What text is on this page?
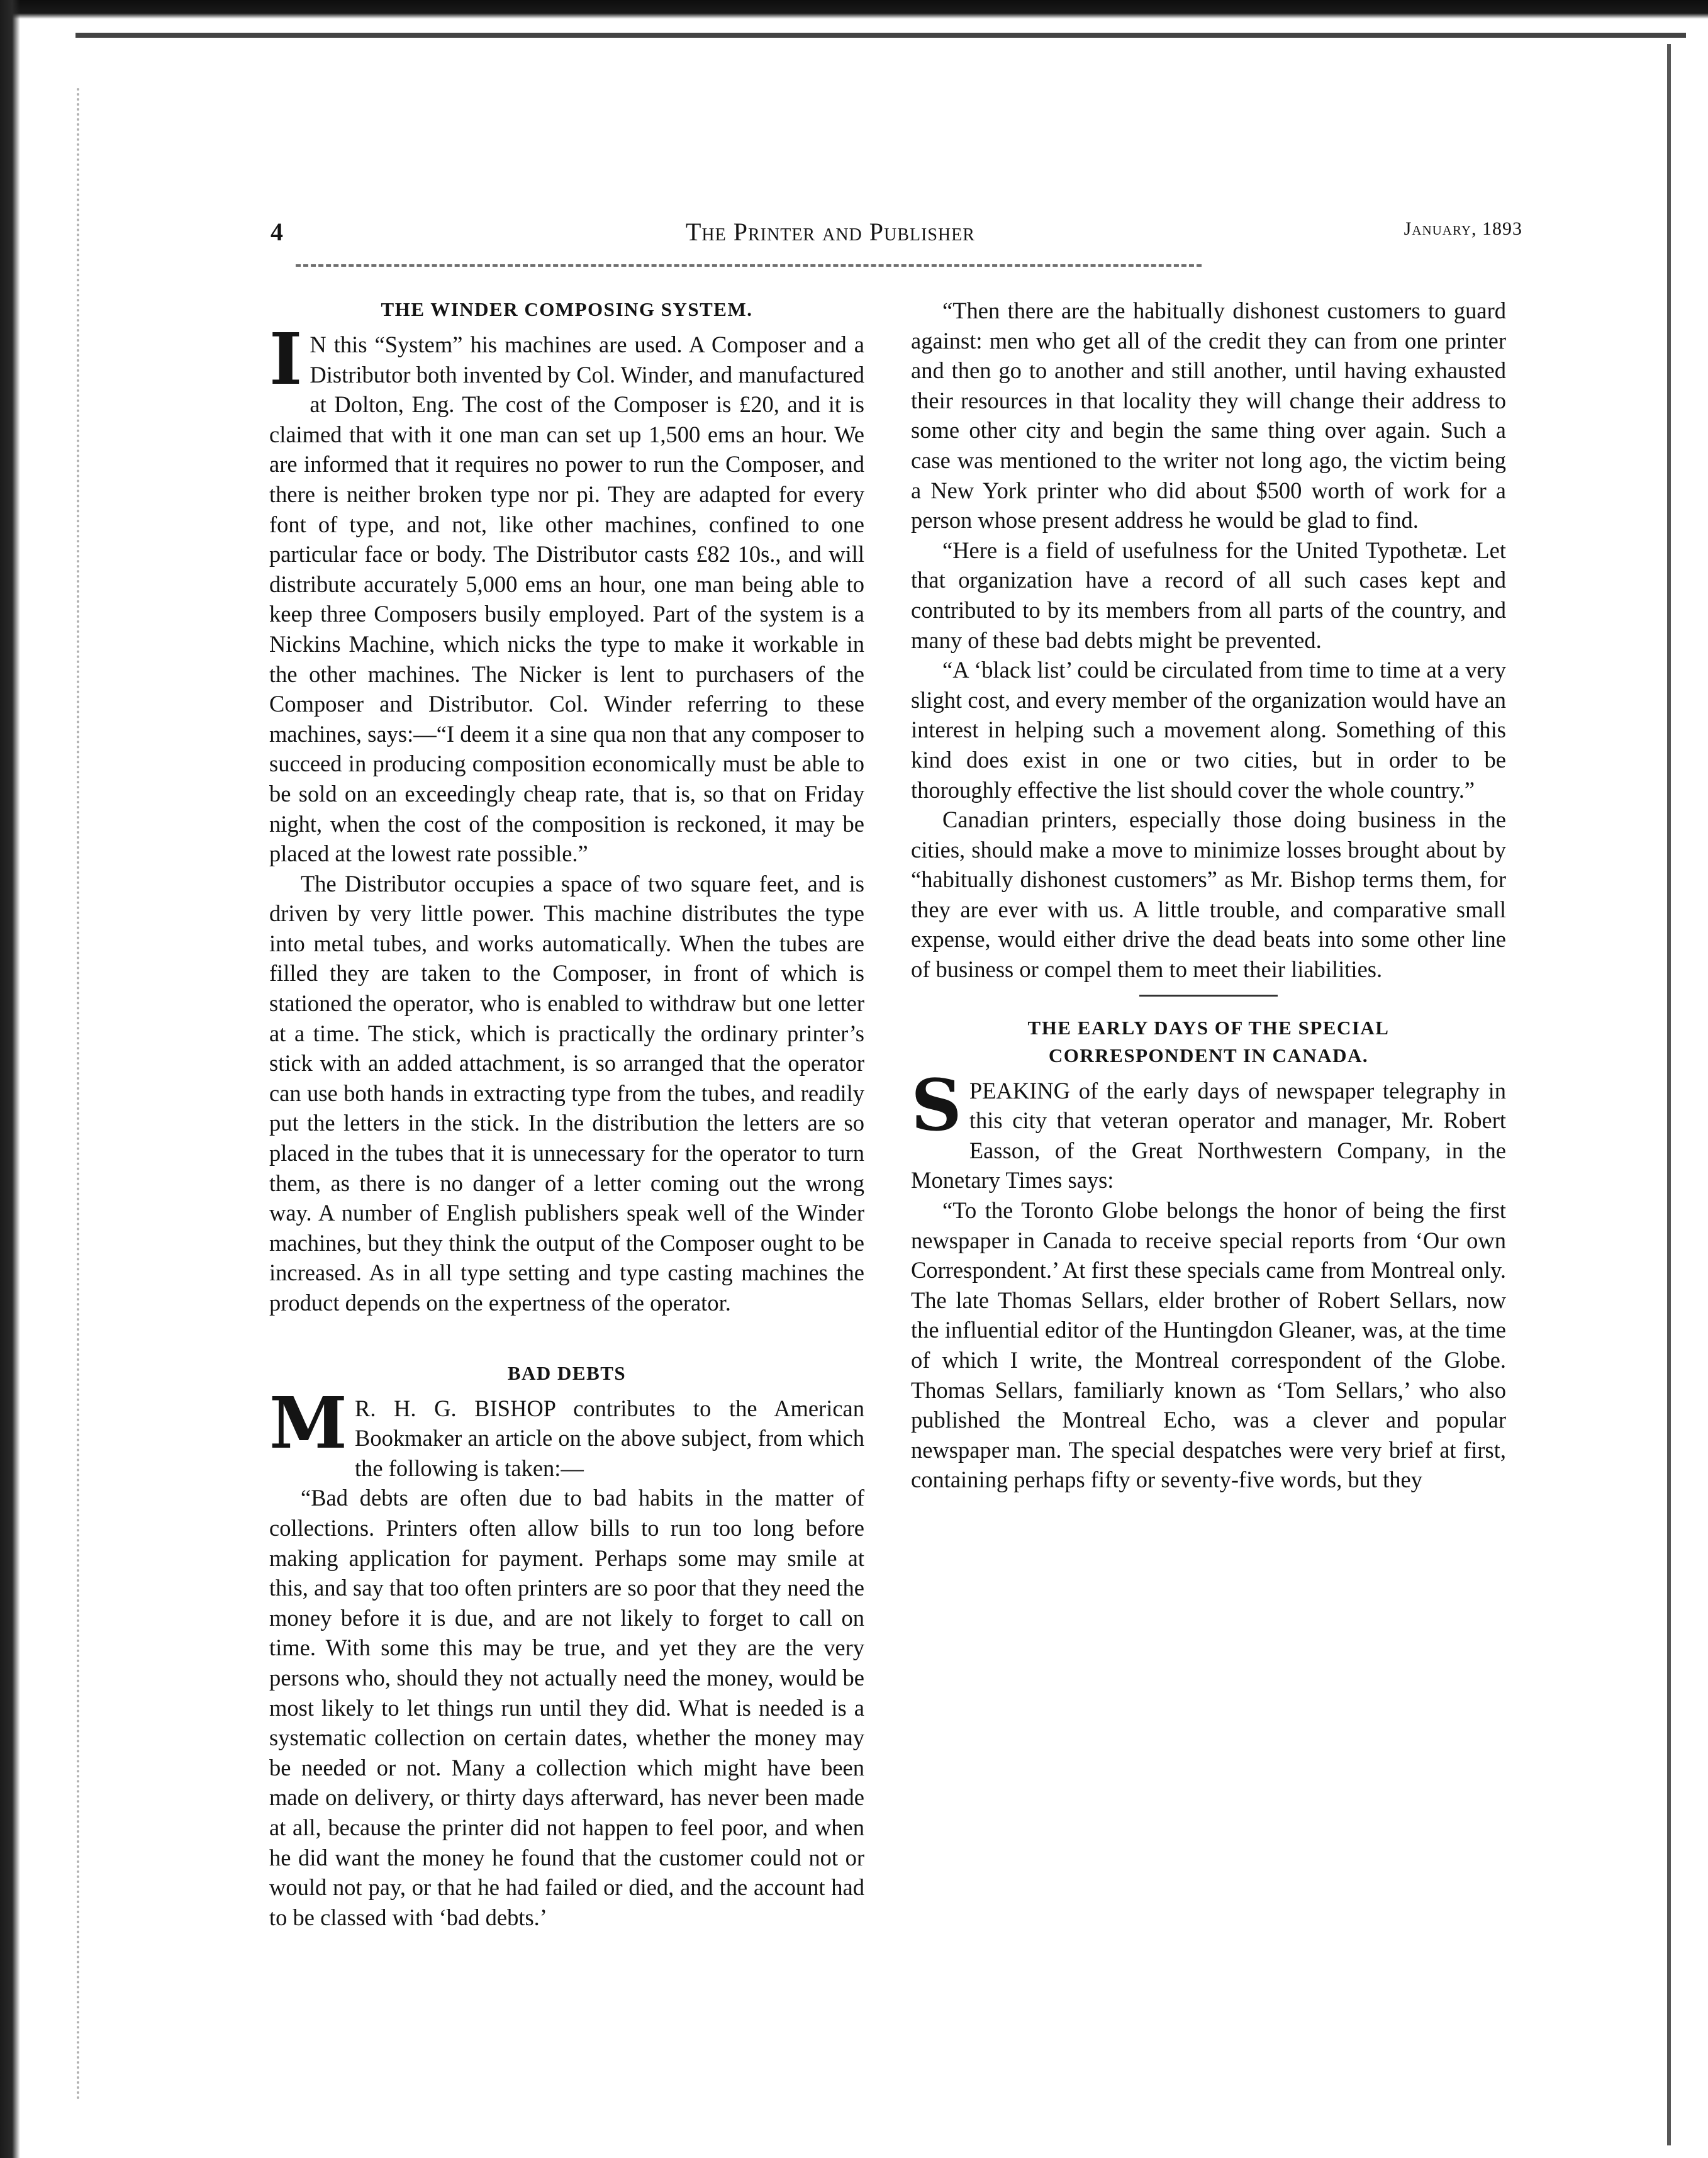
4	The Printer and Publisher	January, 1893
THE WINDER COMPOSING SYSTEM.

I N this “System” his machines are used. A Composer and a Distributor both invented by Col. Winder, and manufactured at Dolton, Eng. The cost of the Composer is £20, and it is claimed that with it one man can set up 1,500 ems an hour. We are informed that it requires no power to run the Composer, and there is neither broken type nor pi. They are adapted for every font of type, and not, like other machines, confined to one particular face or body. The Distributor casts £82 10s., and will distribute accurately 5,000 ems an hour, one man being able to keep three Composers busily employed. Part of the system is a Nickins Machine, which nicks the type to make it workable in the other machines. The Nicker is lent to purchasers of the Composer and Distributor. Col. Winder referring to these machines, says:—“I deem it a sine qua non that any composer to succeed in producing composition economically must be able to be sold on an exceedingly cheap rate, that is, so that on Friday night, when the cost of the composition is reckoned, it may be placed at the lowest rate possible.”

The Distributor occupies a space of two square feet, and is driven by very little power. This machine distributes the type into metal tubes, and works automatically. When the tubes are filled they are taken to the Composer, in front of which is stationed the operator, who is enabled to withdraw but one letter at a time. The stick, which is practically the ordinary printer’s stick with an added attachment, is so arranged that the operator can use both hands in extracting type from the tubes, and readily put the letters in the stick. In the distribution the letters are so placed in the tubes that it is unnecessary for the operator to turn them, as there is no danger of a letter coming out the wrong way. A number of English publishers speak well of the Winder machines, but they think the output of the Composer ought to be increased. As in all type setting and type casting machines the product depends on the expertness of the operator.

BAD DEBTS

M R. H. G. BISHOP contributes to the American Bookmaker an article on the above subject, from which the following is taken:—

“Bad debts are often due to bad habits in the matter of collections. Printers often allow bills to run too long before making application for payment. Perhaps some may smile at this, and say that too often printers are so poor that they need the money before it is due, and are not likely to forget to call on time. With some this may be true, and yet they are the very persons who, should they not actually need the money, would be most likely to let things run until they did. What is needed is a systematic collection on certain dates, whether the money may be needed or not. Many a collection which might have been made on delivery, or thirty days afterward, has never been made at all, because the printer did not happen to feel poor, and when he did want the money he found that the customer could not or would not pay, or that he had failed or died, and the account had to be classed with ‘bad debts.’

“Then there are the habitually dishonest customers to guard against: men who get all of the credit they can from one printer and then go to another and still another, until having exhausted their resources in that locality they will change their address to some other city and begin the same thing over again. Such a case was mentioned to the writer not long ago, the victim being a New York printer who did about $500 worth of work for a person whose present address he would be glad to find.

“Here is a field of usefulness for the United Typothetæ. Let that organization have a record of all such cases kept and contributed to by its members from all parts of the country, and many of these bad debts might be prevented.

“A ‘black list’ could be circulated from time to time at a very slight cost, and every member of the organization would have an interest in helping such a movement along. Something of this kind does exist in one or two cities, but in order to be thoroughly effective the list should cover the whole country.”

Canadian printers, especially those doing business in the cities, should make a move to minimize losses brought about by “habitually dishonest customers” as Mr. Bishop terms them, for they are ever with us. A little trouble, and comparative small expense, would either drive the dead beats into some other line of business or compel them to meet their liabilities.

THE EARLY DAYS OF THE SPECIAL
CORRESPONDENT IN CANADA.

S PEAKING of the early days of newspaper telegraphy in this city that veteran operator and manager, Mr. Robert Easson, of the Great Northwestern Company, in the Monetary Times says:

“To the Toronto Globe belongs the honor of being the first newspaper in Canada to receive special reports from ‘Our own Correspondent.’ At first these specials came from Montreal only. The late Thomas Sellars, elder brother of Robert Sellars, now the influential editor of the Huntingdon Gleaner, was, at the time of which I write, the Montreal correspondent of the Globe. Thomas Sellars, familiarly known as ‘Tom Sellars,’ who also published the Montreal Echo, was a clever and popular newspaper man. The special despatches were very brief at first, containing perhaps fifty or seventy-five words, but they
